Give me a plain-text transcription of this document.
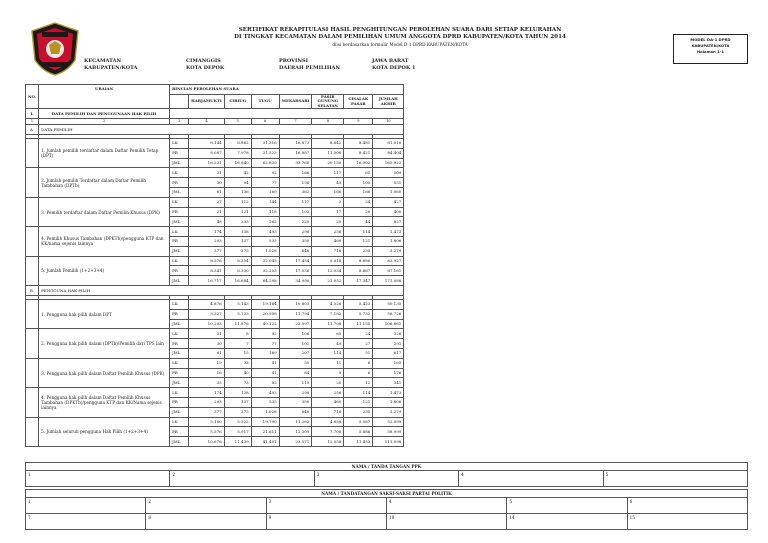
SERTIFIKAT REKAPITULASI HASIL PENGHITUNGAN PEROLEHAN SUARA DARI SETIAP KELURAHAN
DI TINGKAT KECAMATAN DALAM PEMILIHAN UMUM ANGGOTA DPRD KABUPATEN/KOTA TAHUN 2014
diisi berdasarkan formulir Model D-1 DPRD KABUPATEN/KOTA
MODEL DA-1 DPRD
KABUPATEN/KOTA
Halaman 1-1
KECAMATAN
KABUPATEN/KOTA
CIMANGGIS
KOTA DEPOK
PROVINSI
DAERAH PEMILIHAN
JAWA BARAT
KOTA DEPOK 1
NO.	URAIAN	RINCIAN PEROLEHAN SUARA							
			HARJAMUKTI	CIRIUG	TUGU	MEKARSARI	PASIR GUNUNG SELATAN	CISALAK PASAR	JUMLAH AKHIR
I.	DATA PEMILIH DAN PENGGUNAAN HAK PILIH								
1	2	3	4	5	6	7	8	9	10
A.	DATA PEMILIH								

	1. Jumlah pemilih terdaftar dalam Daftar Pemilih Tetap (DPT)	LK	8.144	8.862	31.316	16.873	8.642	8.481	81.518
		PR	8.087	7.978	31.523	16.887	11.508	8.421	84.404
		JML	16.231	16.840	62.839	33.760	20.150	16.902	165.922
	2. Jumlah pemilih Terdaftar dalam Daftar Pemilih Tambahan (DPTb)	LK	31	42	92	166	117	61	509
		PR	30	94	77	196	49	105	551
		JML	61	136	169	362	166	166	1.060
	3. Pemilih terdaftar dalam Daftar Pemilih Khusus (DPK)	LK	27	112	144	117	3	24	427
		PR	21	121	118	103	17	20	400
		JML	48	233	262	220	20	44	827
	4. Pemilih Khusus Tambahan (DPKTb)/pengguna KTP dan KK/nama sejenis lainnya	LK	174	138	493	298	256	114	1.473
		PR	203	137	535	350	460	121	1.806
		JML	377	275	1.028	648	716	235	3.279
	5. Jumlah Pemilih (1+2+3+4)	LK	8.376	8.354	32.045	17.454	9.018	8.680	83.927
		PR	8.341	8.330	32.253	17.536	12.034	8.667	87.161
		JML	16.717	16.684	64.298	34.990	21.052	17.347	171.088
B.	PENGGUNA HAK PILIH								

	1. Pengguna hak pilih dalam DPT	LK	4.876	5.143	19.164	10.803	4.526	5.423	50.135
		PR	5.327	5.733	20.958	11.794	7.182	5.732	56.726
		JML	10.203	11.876	40.122	22.597	11.708	11.155	106.861
	2. Pengguna hak pilih dalam (DPTb)/Pemilih dari TPS lain	LK	31	8	92	106	65	24	326
		PR	30	7	77	101	49	27	291
		JML	61	15	169	207	114	51	617
	3. Pengguna hak pilih dalam Daftar Pemilih Khusus (DPK)	LK	19	33	41	55	11	6	165
		PR	16	40	41	64	9	6	176
		JML	35	73	82	119	20	12	341
	4. Pengguna hak pilih dalam Daftar Pemilih Khusus Tambahan (DPKTb)/pengguna KTP dan KK/Nama sejenis lainnya	LK	174	138	493	298	256	114	1.473
		PR	203	137	535	350	460	121	1.806
		JML	377	275	1.028	648	716	235	3.279
	5. Jumlah seluruh pengguna Hak Pilih (1+2+3+4)	LK	5.100	5.522	19.790	11.262	4.858	5.567	52.099
		PR	5.576	5.917	21.611	12.309	7.700	5.886	58.999
		JML	10.676	11.439	41.401	23.571	12.558	11.453	111.098
NAMA / TANDA TANGAN PPK
1	2	3	4	5
NAMA / TANDATANGAN SAKSI-SAKSI PARTAI POLITIK					
1	2	3	4	5	6
7	8	9	10	14	15
